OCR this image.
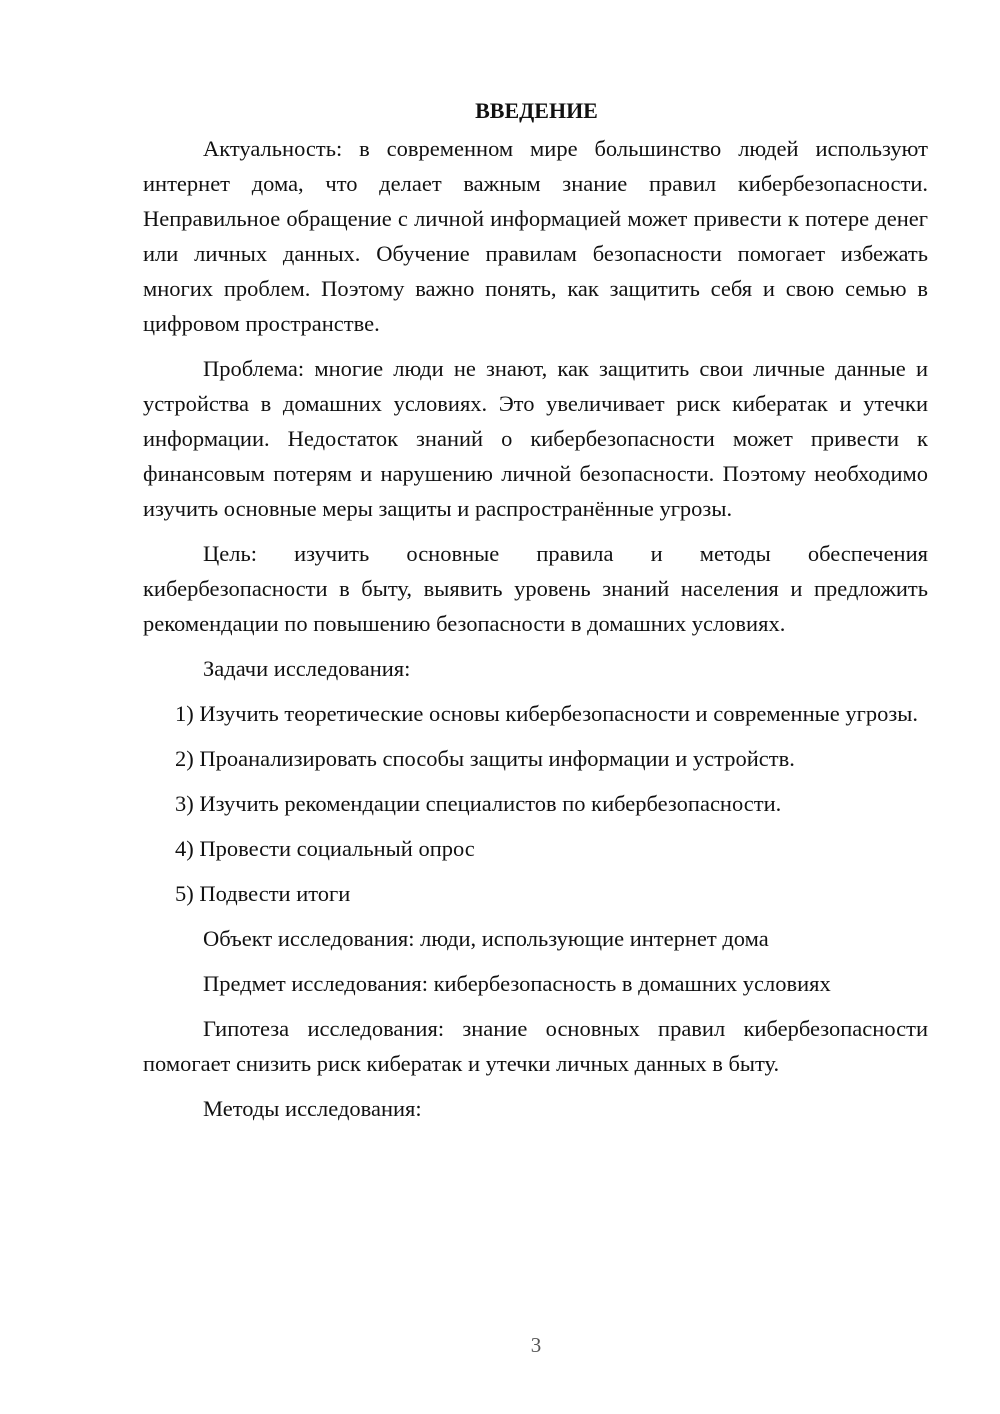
ВВЕДЕНИЕ

Актуальность: в современном мире большинство людей используют интернет дома, что делает важным знание правил кибербезопасности. Неправильное обращение с личной информацией может привести к потере денег или личных данных. Обучение правилам безопасности помогает избежать многих проблем. Поэтому важно понять, как защитить себя и свою семью в цифровом пространстве.

Проблема: многие люди не знают, как защитить свои личные данные и устройства в домашних условиях. Это увеличивает риск кибератак и утечки информации. Недостаток знаний о кибербезопасности может привести к финансовым потерям и нарушению личной безопасности. Поэтому необходимо изучить основные меры защиты и распространённые угрозы.

Цель: изучить основные правила и методы обеспечения кибербезопасности в быту, выявить уровень знаний населения и предложить рекомендации по повышению безопасности в домашних условиях.

Задачи исследования:

1) Изучить теоретические основы кибербезопасности и современные угрозы.

2) Проанализировать способы защиты информации и устройств.

3) Изучить рекомендации специалистов по кибербезопасности.

4) Провести социальный опрос

5) Подвести итоги

Объект исследования: люди, использующие интернет дома

Предмет исследования: кибербезопасность в домашних условиях

Гипотеза исследования: знание основных правил кибербезопасности помогает снизить риск кибератак и утечки личных данных в быту.

Методы исследования:

3
